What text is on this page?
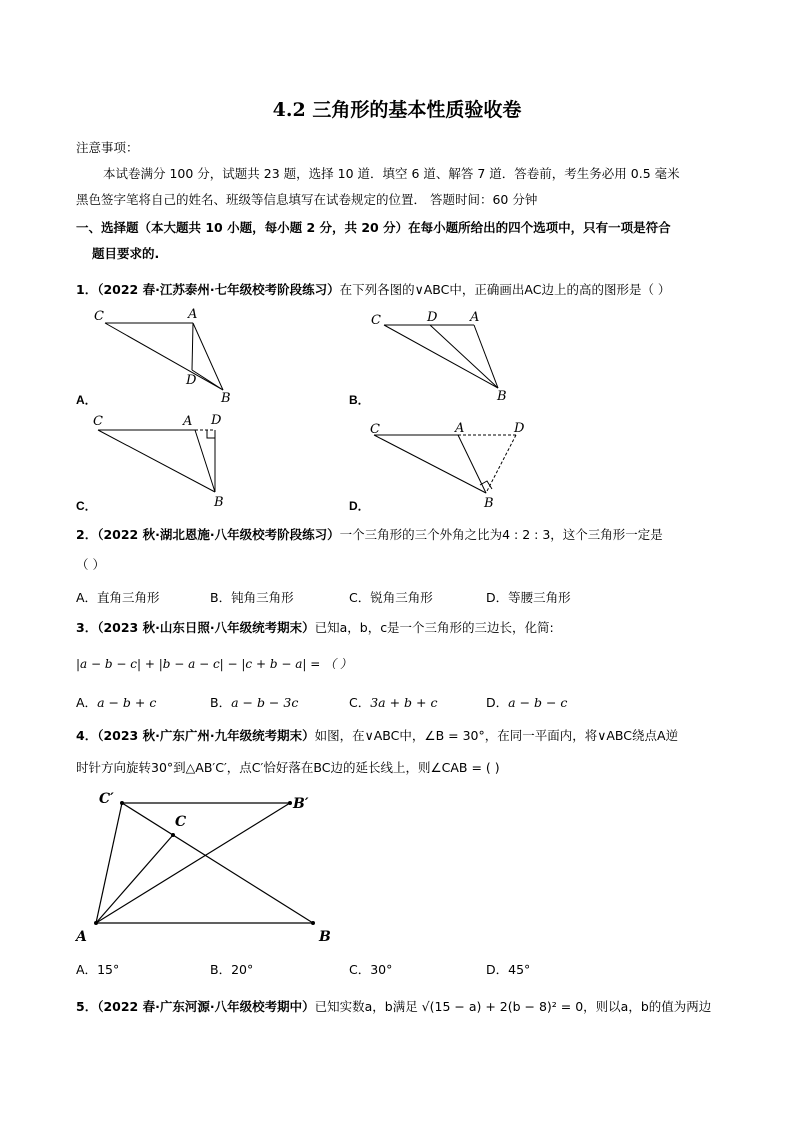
4.2 三角形的基本性质验收卷
注意事项：
本试卷满分 100 分，试题共 23 题，选择 10 道．填空 6 道、解答 7 道．答卷前，考生务必用 0.5 毫米
黑色签字笔将自己的姓名、班级等信息填写在试卷规定的位置． 答题时间：60 分钟
一、选择题（本大题共 10 小题，每小题 2 分，共 20 分）在每小题所给出的四个选项中，只有一项是符合
题目要求的.
1．（2022 春·江苏泰州·七年级校考阶段练习）在下列各图的∨ABC中，正确画出AC边上的高的图形是（ ）
C	A
D
B
A．
C	D	A
B
B．
C	A D
B
C．
C	A	D
B
D．
2．（2022 秋·湖北恩施·八年级校考阶段练习）一个三角形的三个外角之比为4 : 2 : 3，这个三角形一定是
（ ）
A．直角三角形	B．钝角三角形	C．锐角三角形	D．等腰三角形
3．（2023 秋·山东日照·八年级统考期末）已知a，b，c是一个三角形的三边长，化简:
|a − b − c| + |b − a − c| − |c + b − a| = （ ）
A．a − b + c	B．a − b − 3c	C．3a + b + c	D．a − b − c
4．（2023 秋·广东广州·九年级统考期末）如图，在∨ABC中，∠B = 30°，在同一平面内，将∨ABC绕点A逆
时针方向旋转30°到△AB′C′，点C′恰好落在BC边的延长线上，则∠CAB = ( )
C′
C
B′
A	B
A．15°	B．20°	C．30°	D．45°
5．（2022 春·广东河源·八年级校考期中）已知实数a，b满足 √(15 − a) + 2(b − 8)² = 0，则以a，b的值为两边
